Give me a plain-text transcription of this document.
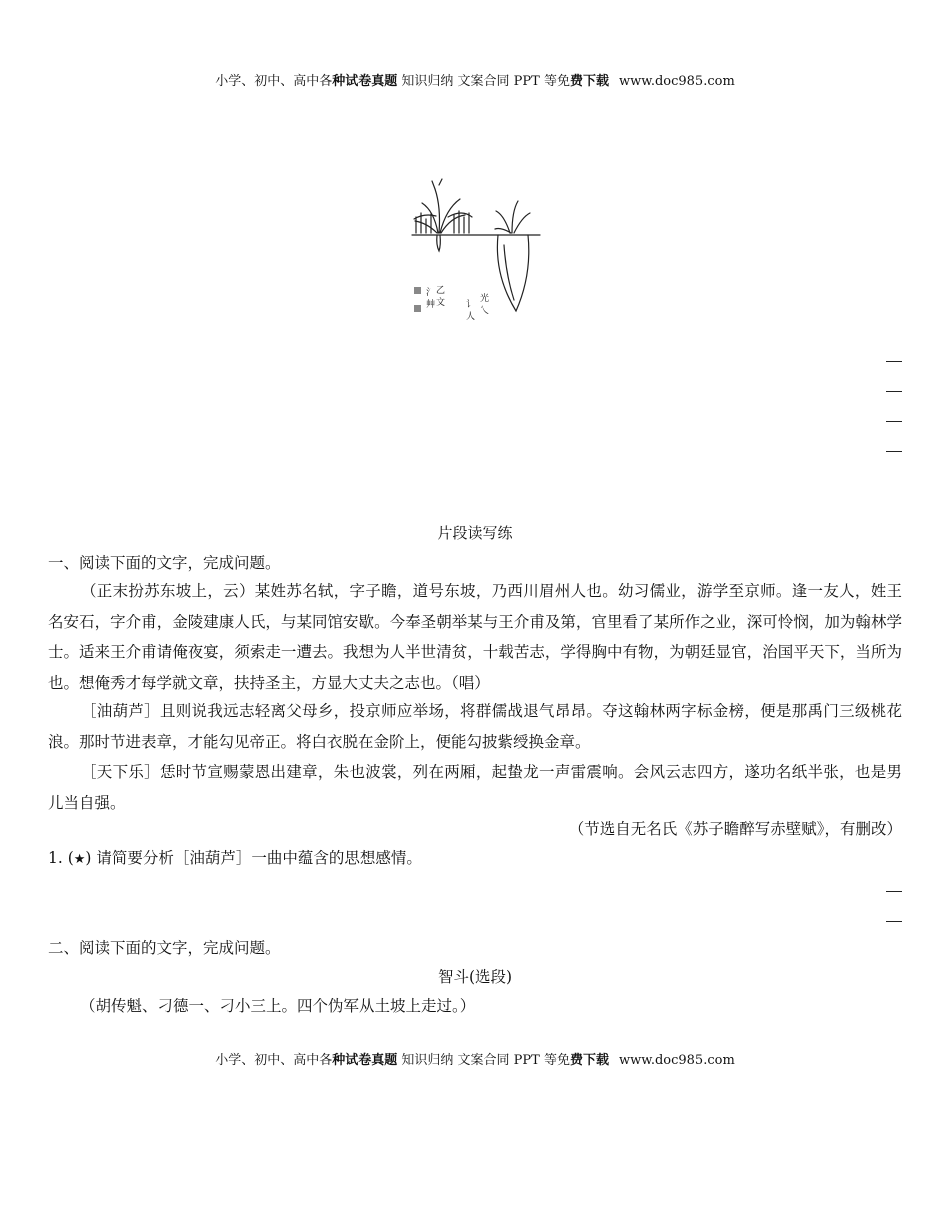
小学、初中、高中各种试卷真题 知识归纳 文案合同 PPT 等免费下载 www.doc985.com
氵
艸
乙
文 讠
人
光
乀
片段读写练
一、阅读下面的文字，完成问题。
（正末扮苏东坡上，云）某姓苏名轼，字子瞻，道号东坡，乃西川眉州人也。幼习儒业，游学至京师。逢一友人，姓王名安石，字介甫，金陵建康人氏，与某同馆安歇。今奉圣朝举某与王介甫及第，官里看了某所作之业，深可怜悯，加为翰林学士。适来王介甫请俺夜宴，须索走一遭去。我想为人半世清贫，十载苦志，学得胸中有物，为朝廷显官，治国平天下，当所为也。想俺秀才每学就文章，扶持圣主，方显大丈夫之志也。（唱）
［油葫芦］且则说我远志轻离父母乡，投京师应举场，将群儒战退气昂昂。夺这翰林两字标金榜，便是那禹门三级桃花浪。那时节进表章，才能勾见帝正。将白衣脱在金阶上，便能勾披紫绶换金章。
［天下乐］恁时节宣赐蒙恩出建章，朱也波裳，列在两厢，起蛰龙一声雷震响。会风云志四方，遂功名纸半张，也是男儿当自强。
（节选自无名氏《苏子瞻醉写赤壁赋》，有删改）
1. (★) 请简要分析［油葫芦］一曲中蕴含的思想感情。
二、阅读下面的文字，完成问题。
智斗(选段)
（胡传魁、刁德一、刁小三上。四个伪军从土坡上走过。）
小学、初中、高中各种试卷真题 知识归纳 文案合同 PPT 等免费下载 www.doc985.com
